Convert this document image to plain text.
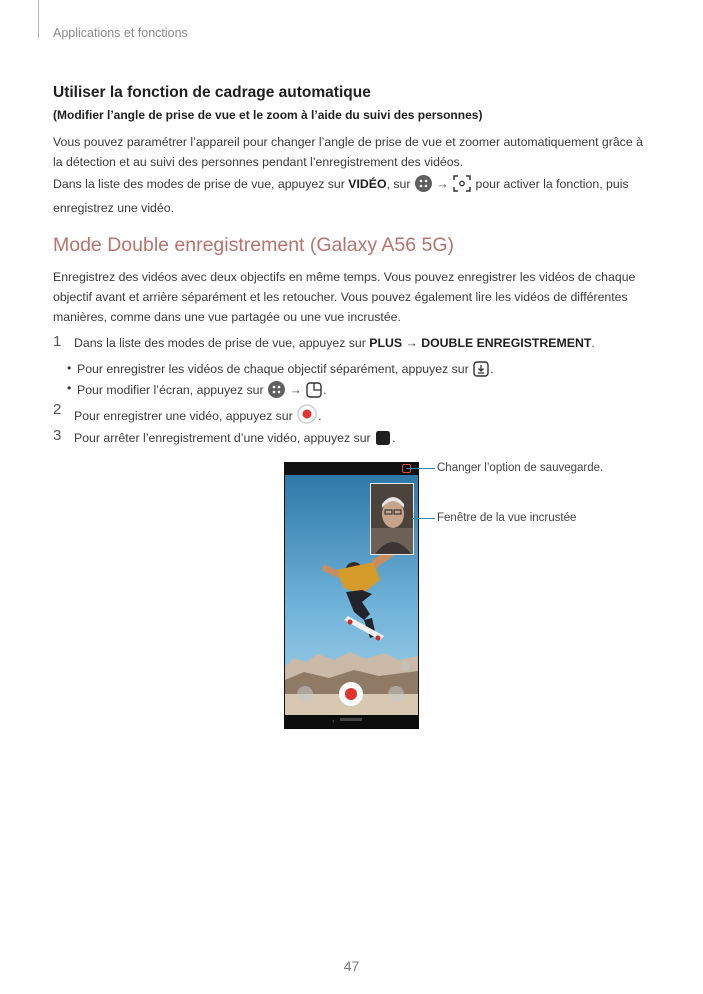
Applications et fonctions
Utiliser la fonction de cadrage automatique
(Modifier l’angle de prise de vue et le zoom à l’aide du suivi des personnes)
Vous pouvez paramétrer l’appareil pour changer l’angle de prise de vue et zoomer automatiquement grâce à la détection et au suivi des personnes pendant l’enregistrement des vidéos.
Dans la liste des modes de prise de vue, appuyez sur VIDÉO, sur  →  pour activer la fonction, puis enregistrez une vidéo.
Mode Double enregistrement (Galaxy A56 5G)
Enregistrez des vidéos avec deux objectifs en même temps. Vous pouvez enregistrer les vidéos de chaque objectif avant et arrière séparément et les retoucher. Vous pouvez également lire les vidéos de différentes manières, comme dans une vue partagée ou une vue incrustée.
1 Dans la liste des modes de prise de vue, appuyez sur PLUS → DOUBLE ENREGISTREMENT.
• Pour enregistrer les vidéos de chaque objectif séparément, appuyez sur .
• Pour modifier l’écran, appuyez sur  → .
2 Pour enregistrer une vidéo, appuyez sur .
3 Pour arrêter l’enregistrement d’une vidéo, appuyez sur .
‹
Changer l’option de sauvegarde.
Fenêtre de la vue incrustée
47
